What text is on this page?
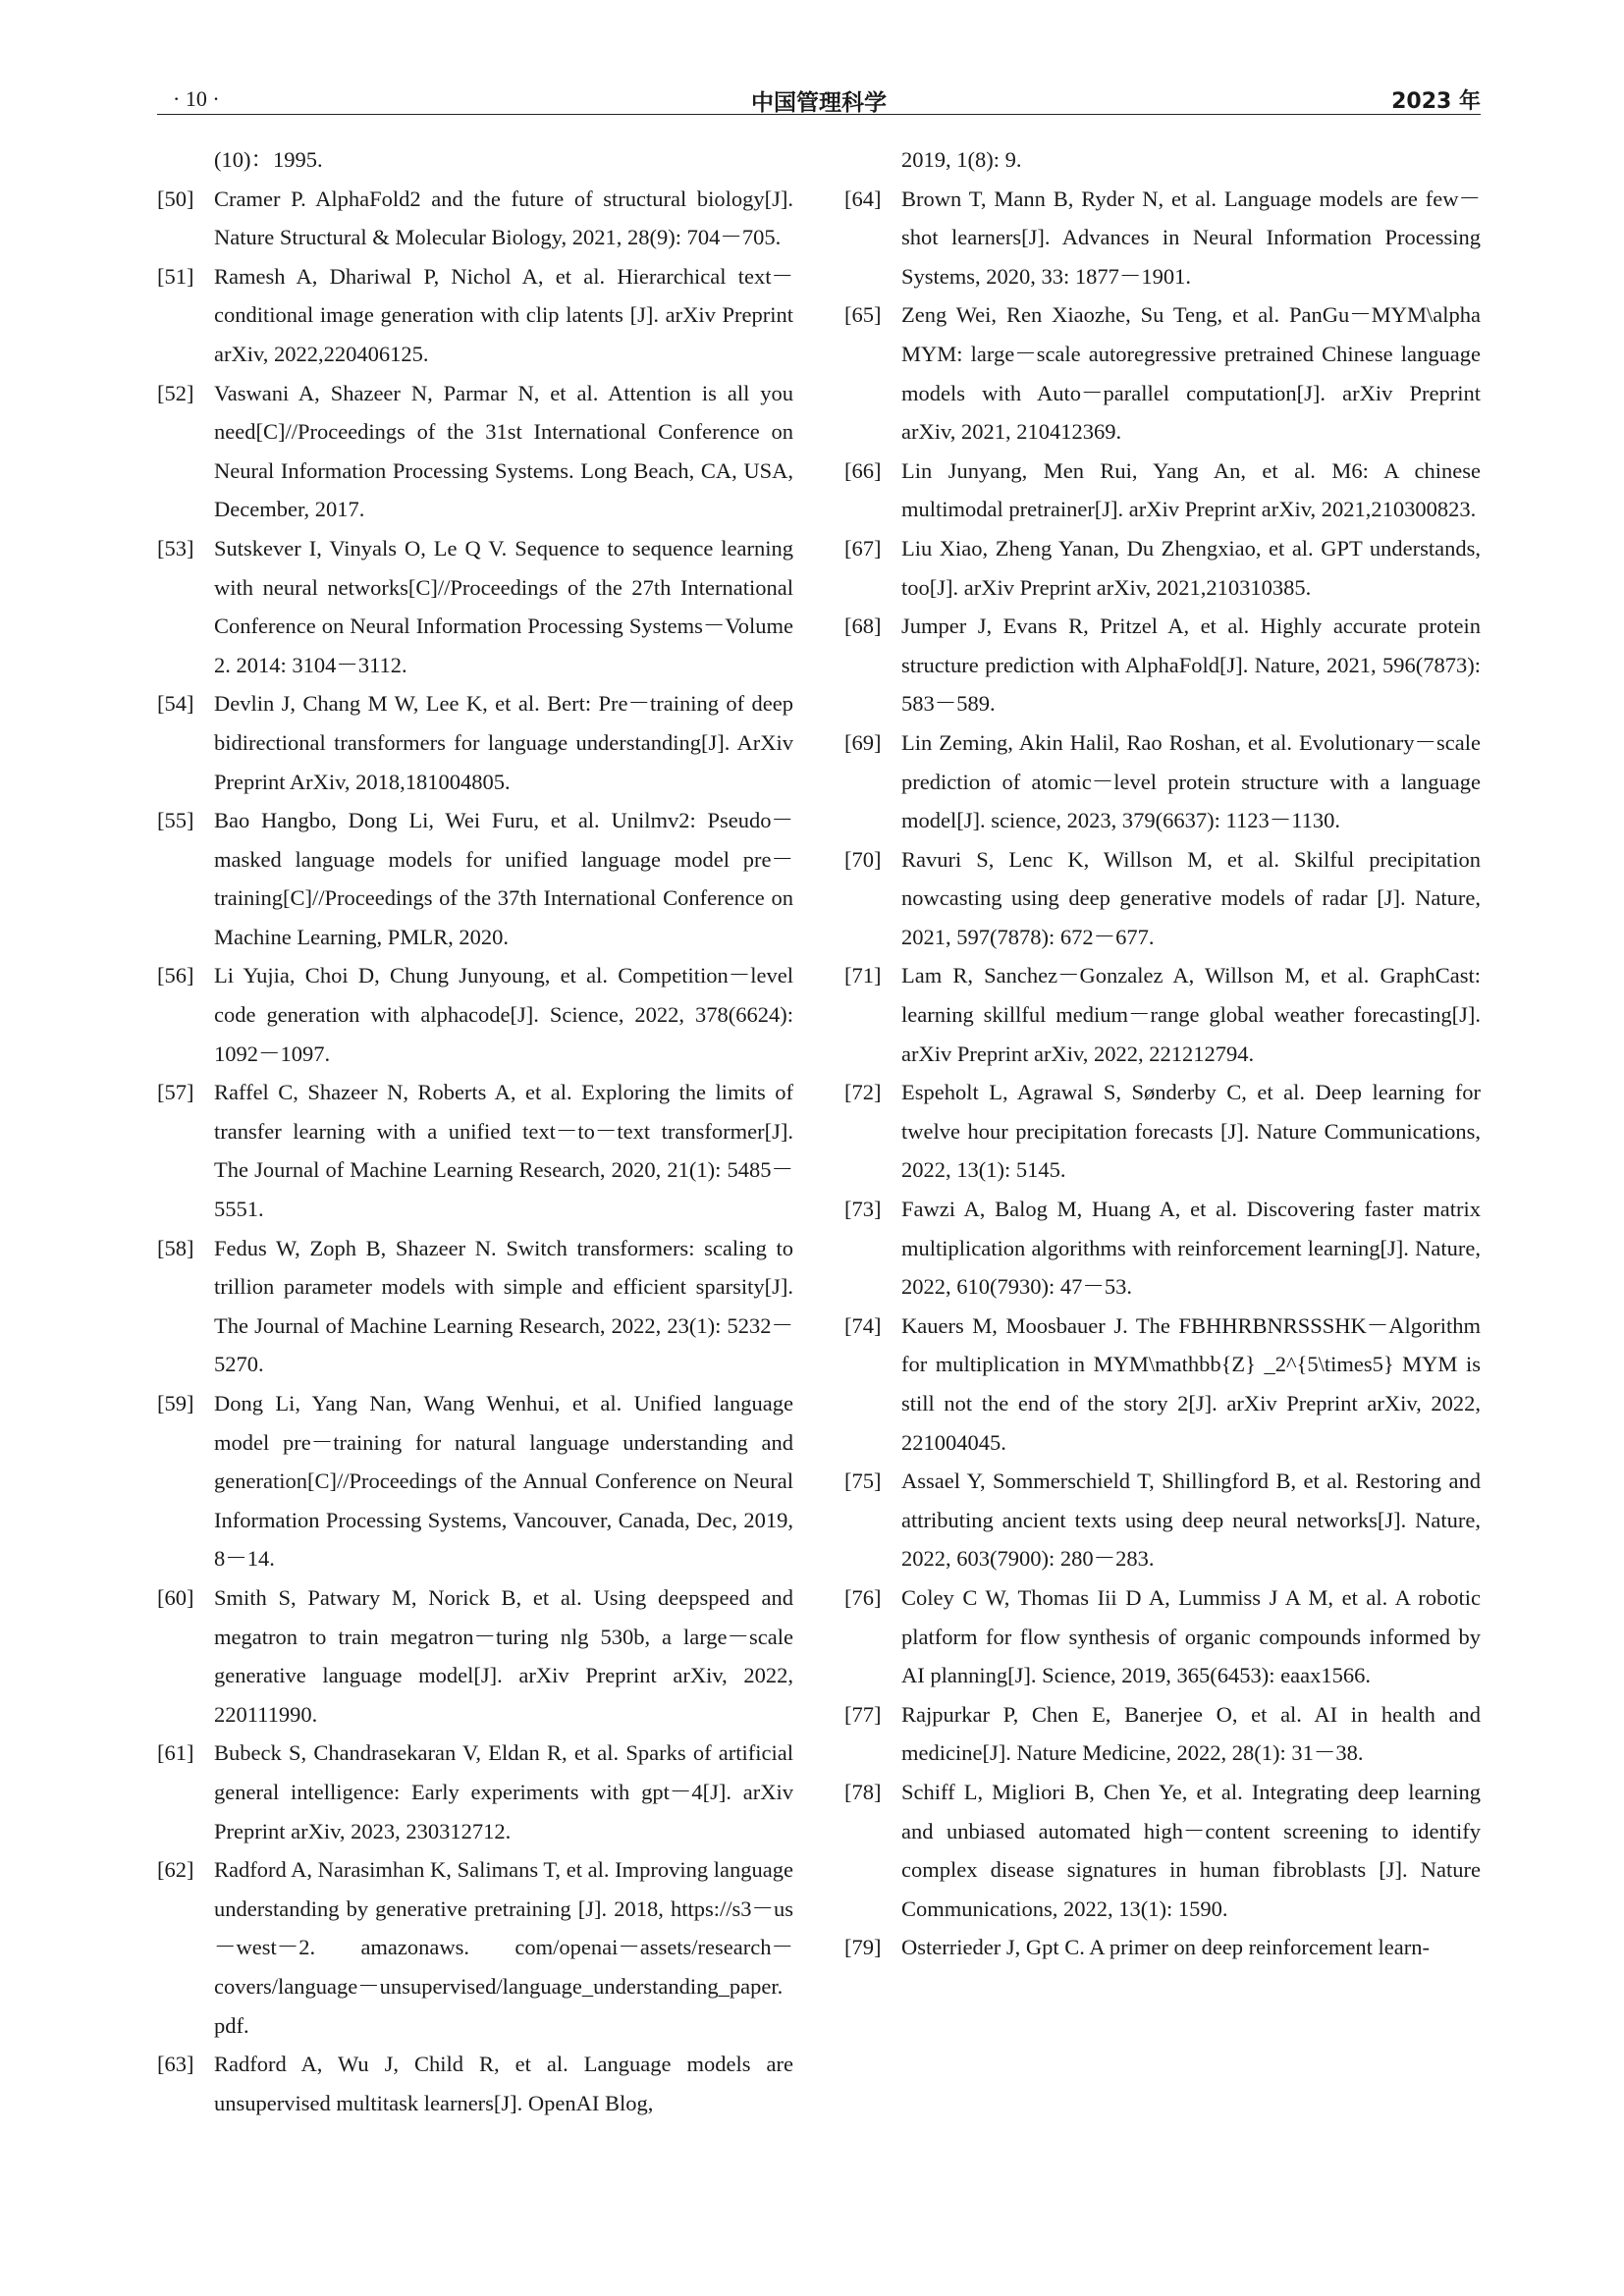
· 10 ·	中国管理科学	2023 年
(10)：1995.
[50] Cramer P. AlphaFold2 and the future of structural biology[J]. Nature Structural & Molecular Biology, 2021, 28(9): 704－705.
[51] Ramesh A, Dhariwal P, Nichol A, et al. Hierarchical text－conditional image generation with clip latents [J]. arXiv Preprint arXiv, 2022,220406125.
[52] Vaswani A, Shazeer N, Parmar N, et al. Attention is all you need[C]//Proceedings of the 31st International Conference on Neural Information Processing Systems. Long Beach, CA, USA, December, 2017.
[53] Sutskever I, Vinyals O, Le Q V. Sequence to sequence learning with neural networks[C]//Proceedings of the 27th International Conference on Neural Information Processing Systems－Volume 2. 2014: 3104－3112.
[54] Devlin J, Chang M W, Lee K, et al. Bert: Pre－training of deep bidirectional transformers for language understanding[J]. ArXiv Preprint ArXiv, 2018,181004805.
[55] Bao Hangbo, Dong Li, Wei Furu, et al. Unilmv2: Pseudo－masked language models for unified language model pre－training[C]//Proceedings of the 37th International Conference on Machine Learning, PMLR, 2020.
[56] Li Yujia, Choi D, Chung Junyoung, et al. Competition－level code generation with alphacode[J]. Science, 2022, 378(6624): 1092－1097.
[57] Raffel C, Shazeer N, Roberts A, et al. Exploring the limits of transfer learning with a unified text－to－text transformer[J]. The Journal of Machine Learning Research, 2020, 21(1): 5485－5551.
[58] Fedus W, Zoph B, Shazeer N. Switch transformers: scaling to trillion parameter models with simple and efficient sparsity[J]. The Journal of Machine Learning Research, 2022, 23(1): 5232－5270.
[59] Dong Li, Yang Nan, Wang Wenhui, et al. Unified language model pre－training for natural language understanding and generation[C]//Proceedings of the Annual Conference on Neural Information Processing Systems, Vancouver, Canada, Dec, 2019, 8－14.
[60] Smith S, Patwary M, Norick B, et al. Using deepspeed and megatron to train megatron－turing nlg 530b, a large－scale generative language model[J]. arXiv Preprint arXiv, 2022, 220111990.
[61] Bubeck S, Chandrasekaran V, Eldan R, et al. Sparks of artificial general intelligence: Early experiments with gpt－4[J]. arXiv Preprint arXiv, 2023, 230312712.
[62] Radford A, Narasimhan K, Salimans T, et al. Improving language understanding by generative pretraining [J]. 2018, https://s3－us－west－2. amazonaws. com/openai－assets/research－covers/language－unsupervised/language_understanding_paper. pdf.
[63] Radford A, Wu J, Child R, et al. Language models are unsupervised multitask learners[J]. OpenAI Blog,
2019, 1(8): 9.
[64] Brown T, Mann B, Ryder N, et al. Language models are few－shot learners[J]. Advances in Neural Information Processing Systems, 2020, 33: 1877－1901.
[65] Zeng Wei, Ren Xiaozhe, Su Teng, et al. PanGu－MYM\alpha MYM: large－scale autoregressive pretrained Chinese language models with Auto－parallel computation[J]. arXiv Preprint arXiv, 2021, 210412369.
[66] Lin Junyang, Men Rui, Yang An, et al. M6: A chinese multimodal pretrainer[J]. arXiv Preprint arXiv, 2021,210300823.
[67] Liu Xiao, Zheng Yanan, Du Zhengxiao, et al. GPT understands, too[J]. arXiv Preprint arXiv, 2021,210310385.
[68] Jumper J, Evans R, Pritzel A, et al. Highly accurate protein structure prediction with AlphaFold[J]. Nature, 2021, 596(7873): 583－589.
[69] Lin Zeming, Akin Halil, Rao Roshan, et al. Evolutionary－scale prediction of atomic－level protein structure with a language model[J]. science, 2023, 379(6637): 1123－1130.
[70] Ravuri S, Lenc K, Willson M, et al. Skilful precipitation nowcasting using deep generative models of radar [J]. Nature, 2021, 597(7878): 672－677.
[71] Lam R, Sanchez－Gonzalez A, Willson M, et al. GraphCast: learning skillful medium－range global weather forecasting[J]. arXiv Preprint arXiv, 2022, 221212794.
[72] Espeholt L, Agrawal S, Sønderby C, et al. Deep learning for twelve hour precipitation forecasts [J]. Nature Communications, 2022, 13(1): 5145.
[73] Fawzi A, Balog M, Huang A, et al. Discovering faster matrix multiplication algorithms with reinforcement learning[J]. Nature, 2022, 610(7930): 47－53.
[74] Kauers M, Moosbauer J. The FBHHRBNRSSSHK－Algorithm for multiplication in MYM\mathbb{Z} _2^{5\times5} MYM is still not the end of the story 2[J]. arXiv Preprint arXiv, 2022, 221004045.
[75] Assael Y, Sommerschield T, Shillingford B, et al. Restoring and attributing ancient texts using deep neural networks[J]. Nature, 2022, 603(7900): 280－283.
[76] Coley C W, Thomas Iii D A, Lummiss J A M, et al. A robotic platform for flow synthesis of organic compounds informed by AI planning[J]. Science, 2019, 365(6453): eaax1566.
[77] Rajpurkar P, Chen E, Banerjee O, et al. AI in health and medicine[J]. Nature Medicine, 2022, 28(1): 31－38.
[78] Schiff L, Migliori B, Chen Ye, et al. Integrating deep learning and unbiased automated high－content screening to identify complex disease signatures in human fibroblasts [J]. Nature Communications, 2022, 13(1): 1590.
[79] Osterrieder J, Gpt C. A primer on deep reinforcement learn-
